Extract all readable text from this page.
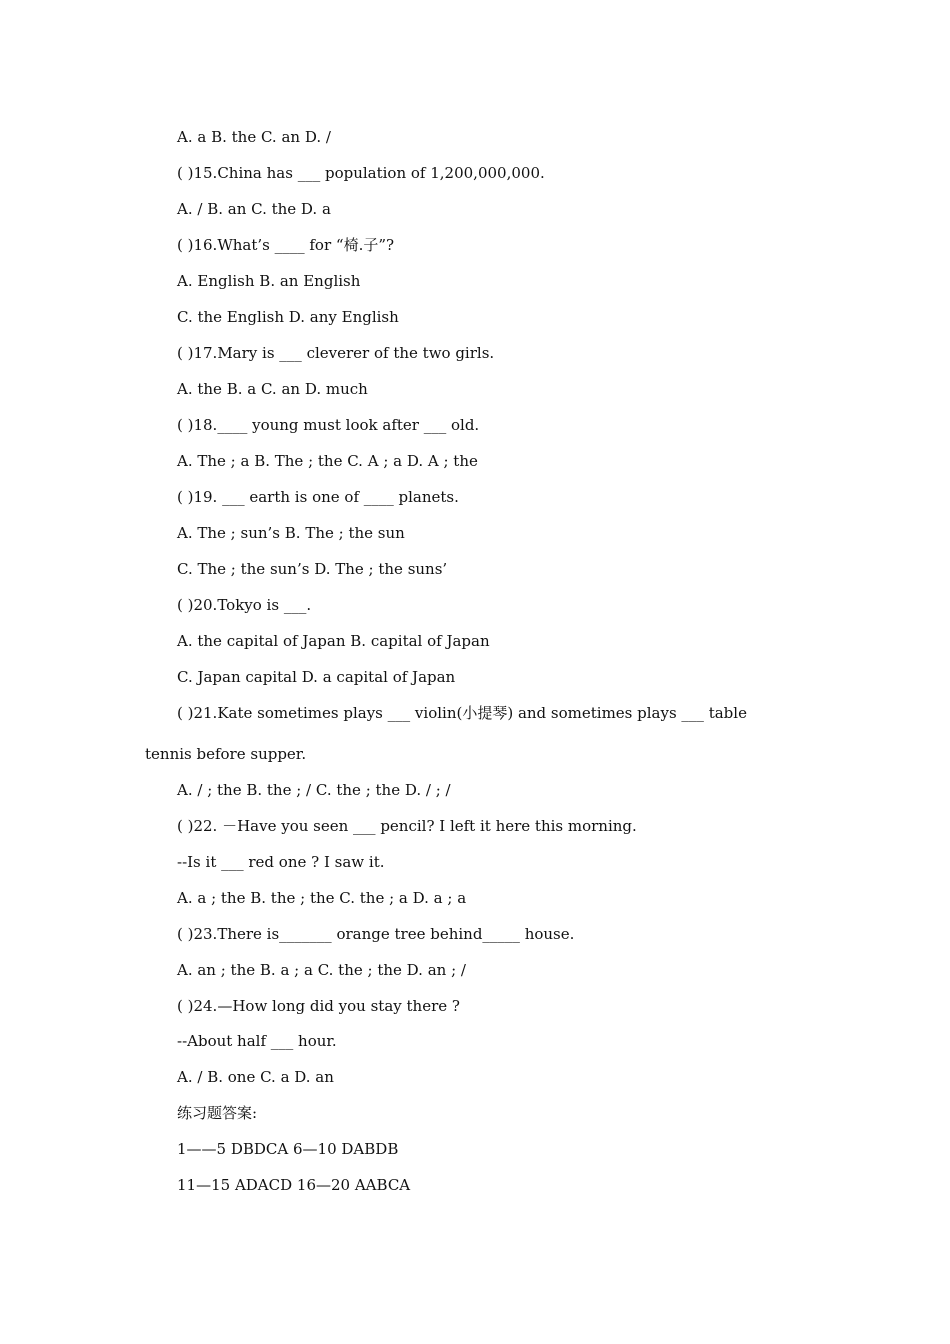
A. a B. the C. an D. /
( )15.China has ___ population of 1,200,000,000.
A. / B. an C. the D. a
( )16.What’s ____ for “椅.子”?
A. English B. an English
C. the English D. any English
( )17.Mary is ___ cleverer of the two girls.
A. the B. a C. an D. much
( )18.____ young must look after ___ old.
A. The ; a B. The ; the C. A ; a D. A ; the
( )19. ___ earth is one of ____ planets.
A. The ; sun’s B. The ; the sun
C. The ; the sun’s D. The ; the suns’
( )20.Tokyo is ___.
A. the capital of Japan B. capital of Japan
C. Japan capital D. a capital of Japan
( )21.Kate sometimes plays ___ violin(小提琴) and sometimes plays ___ table
tennis before supper.
A. / ; the B. the ; / C. the ; the D. / ; /
( )22. －Have you seen ___ pencil? I left it here this morning.
--Is it ___ red one ? I saw it.
A. a ; the B. the ; the C. the ; a D. a ; a
( )23.There is_______ orange tree behind_____ house.
A. an ; the B. a ; a C. the ; the D. an ; /
( )24.—How long did you stay there ?
--About half ___ hour.
A. / B. one C. a D. an
练习题答案:
1——5 DBDCA 6—10 DABDB
11—15 ADACD 16—20 AABCA
